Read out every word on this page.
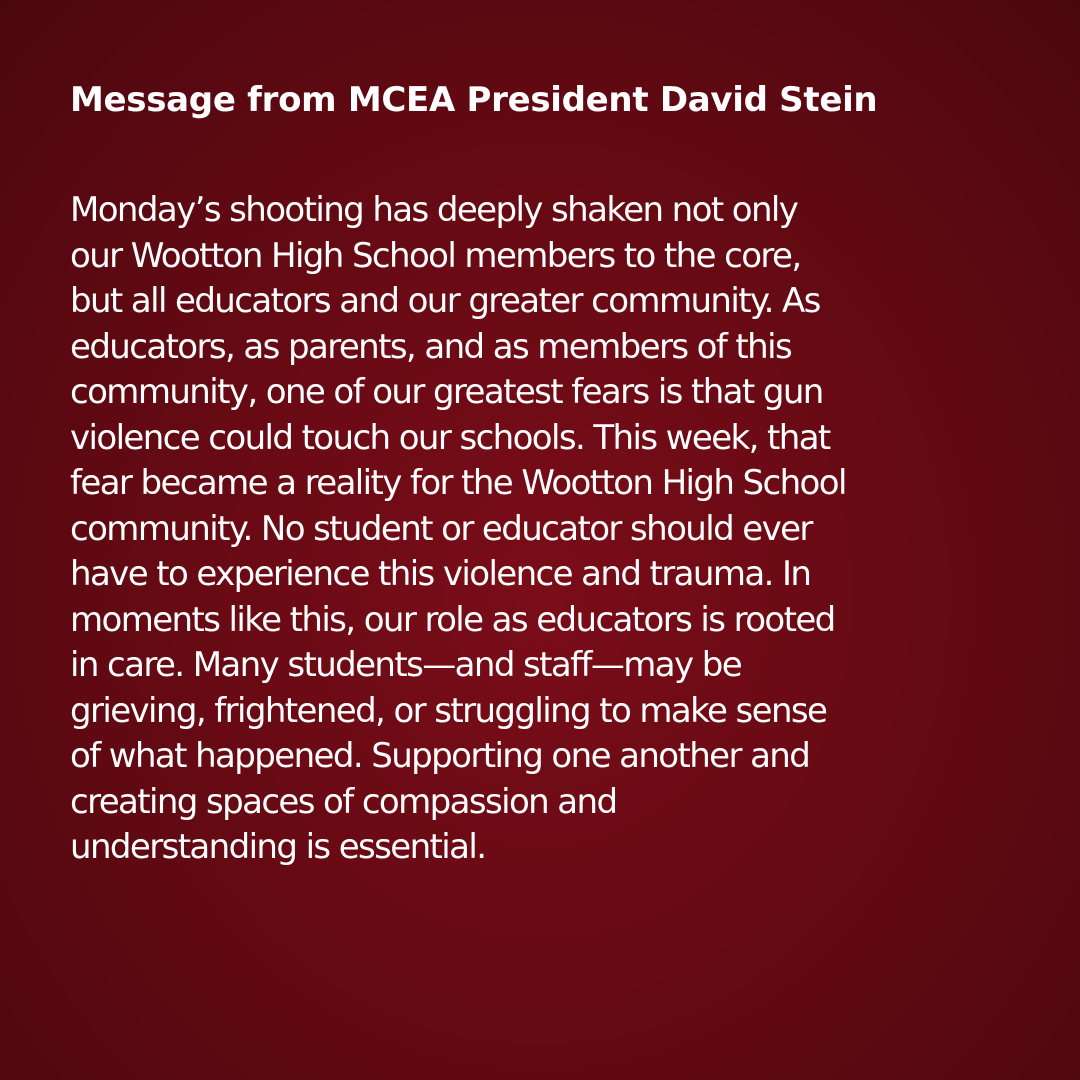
Message from MCEA President David Stein

Monday’s shooting has deeply shaken not only
our Wootton High School members to the core,
but all educators and our greater community. As
educators, as parents, and as members of this
community, one of our greatest fears is that gun
violence could touch our schools. This week, that
fear became a reality for the Wootton High School
community. No student or educator should ever
have to experience this violence and trauma. In
moments like this, our role as educators is rooted
in care. Many students—and staff—may be
grieving, frightened, or struggling to make sense
of what happened. Supporting one another and
creating spaces of compassion and
understanding is essential.
